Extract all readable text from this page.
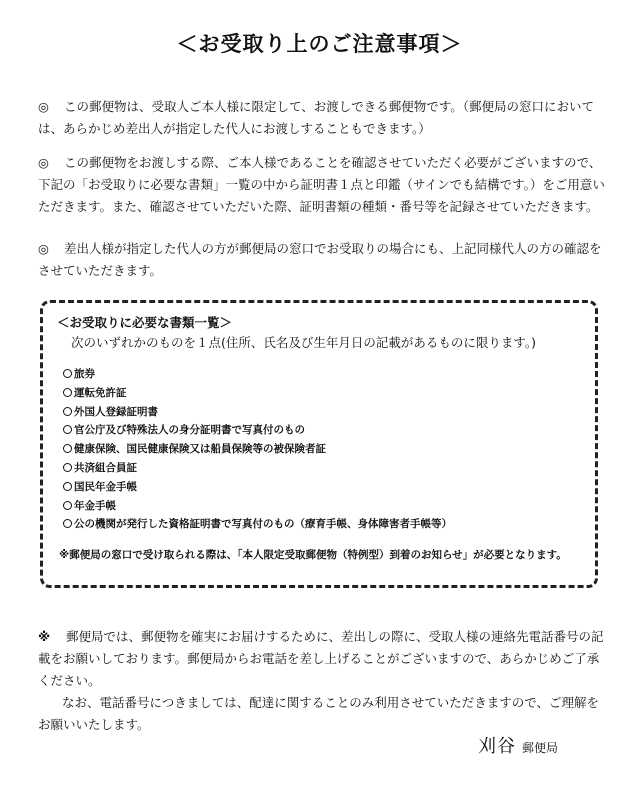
＜お受取り上のご注意事項＞
◎ この郵便物は、受取人ご本人様に限定して、お渡しできる郵便物です。（郵便局の窓口においては、あらかじめ差出人が指定した代人にお渡しすることもできます。）
◎ この郵便物をお渡しする際、ご本人様であることを確認させていただく必要がございますので、下記の「お受取りに必要な書類」一覧の中から証明書１点と印鑑（サインでも結構です。）をご用意いただきます。また、確認させていただいた際、証明書類の種類・番号等を記録させていただきます。
◎ 差出人様が指定した代人の方が郵便局の窓口でお受取りの場合にも、上記同様代人の方の確認をさせていただきます。
＜お受取りに必要な書類一覧＞
次のいずれかのものを１点(住所、氏名及び生年月日の記載があるものに限ります。)
旅券
運転免許証
外国人登録証明書
官公庁及び特殊法人の身分証明書で写真付のもの
健康保険、国民健康保険又は船員保険等の被保険者証
共済組合員証
国民年金手帳
年金手帳
公の機関が発行した資格証明書で写真付のもの（療育手帳、身体障害者手帳等）
※郵便局の窓口で受け取られる際は、「本人限定受取郵便物（特例型）到着のお知らせ」が必要となります。
※ 郵便局では、郵便物を確実にお届けするために、差出しの際に、受取人様の連絡先電話番号の記載をお願いしております。郵便局からお電話を差し上げることがございますので、あらかじめご了承ください。
なお、電話番号につきましては、配達に関することのみ利用させていただきますので、ご理解をお願いいたします。
刈谷 郵便局
